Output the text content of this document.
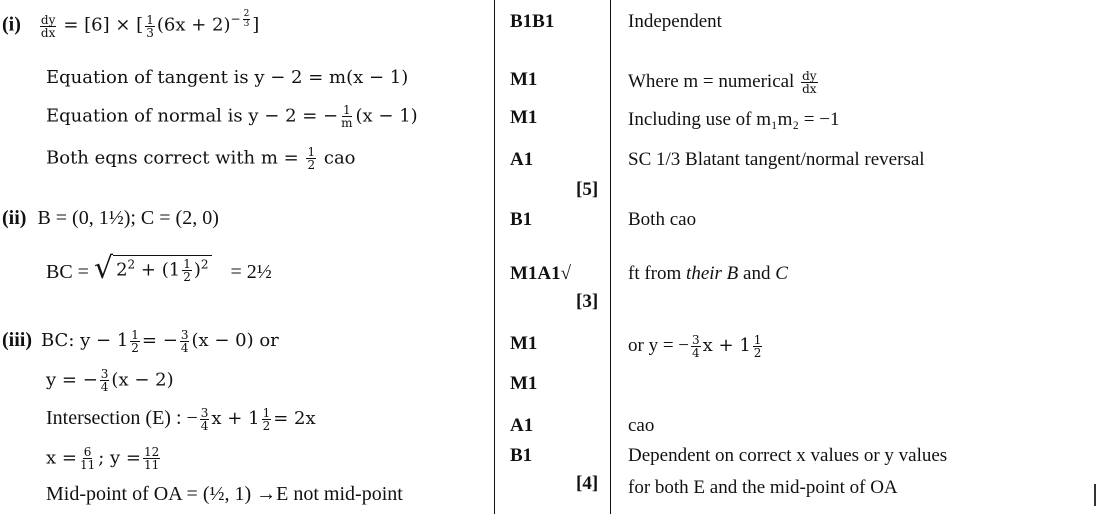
$(i) \frac{dy}{dx} = [6]$ × [ $\frac{1}{3} (6x + 2)^{- \frac{2}{3}}$ ]
Equation of tangent is y − 2 = m(x − 1)
Equation of normal is y − 2 = − $\frac{1}{m} (x - 1)$
Both eqns correct with $m = \frac{1}{2}$ cao
(ii) B = (0, 1½); C = (2, 0)
BC = √ $2^2 + (1 \frac{1}{2} )^2$ = 2½
(iii) BC: $y - 1 \frac{1}{2}$ = − $\frac{3}{4} (x - 0)$ or
y = − $\frac{3}{4} (x - 2)$
Intersection (E) : − $\frac{3}{4}$ $x + 1 \frac{1}{2} = 2x$
$x = \frac{6}{11}$ ; $y = \frac{12}{11}$
Mid-point of OA = (½, 1) →E not mid-point
B1B1
M1
M1
A1
[5]
B1
M1A1√
[3]
M1
M1
A1
B1
[4]
Independent
Where m = numerical $\frac{dy}{dx}$
Including use of m₁m₂ = −1
SC 1/3 Blatant tangent/normal reversal
Both cao
ft from their B and C
or y = − $\frac{3}{4}$ $x + 1 \frac{1}{2}$
cao
Dependent on correct x values or y values
for both E and the mid-point of OA
